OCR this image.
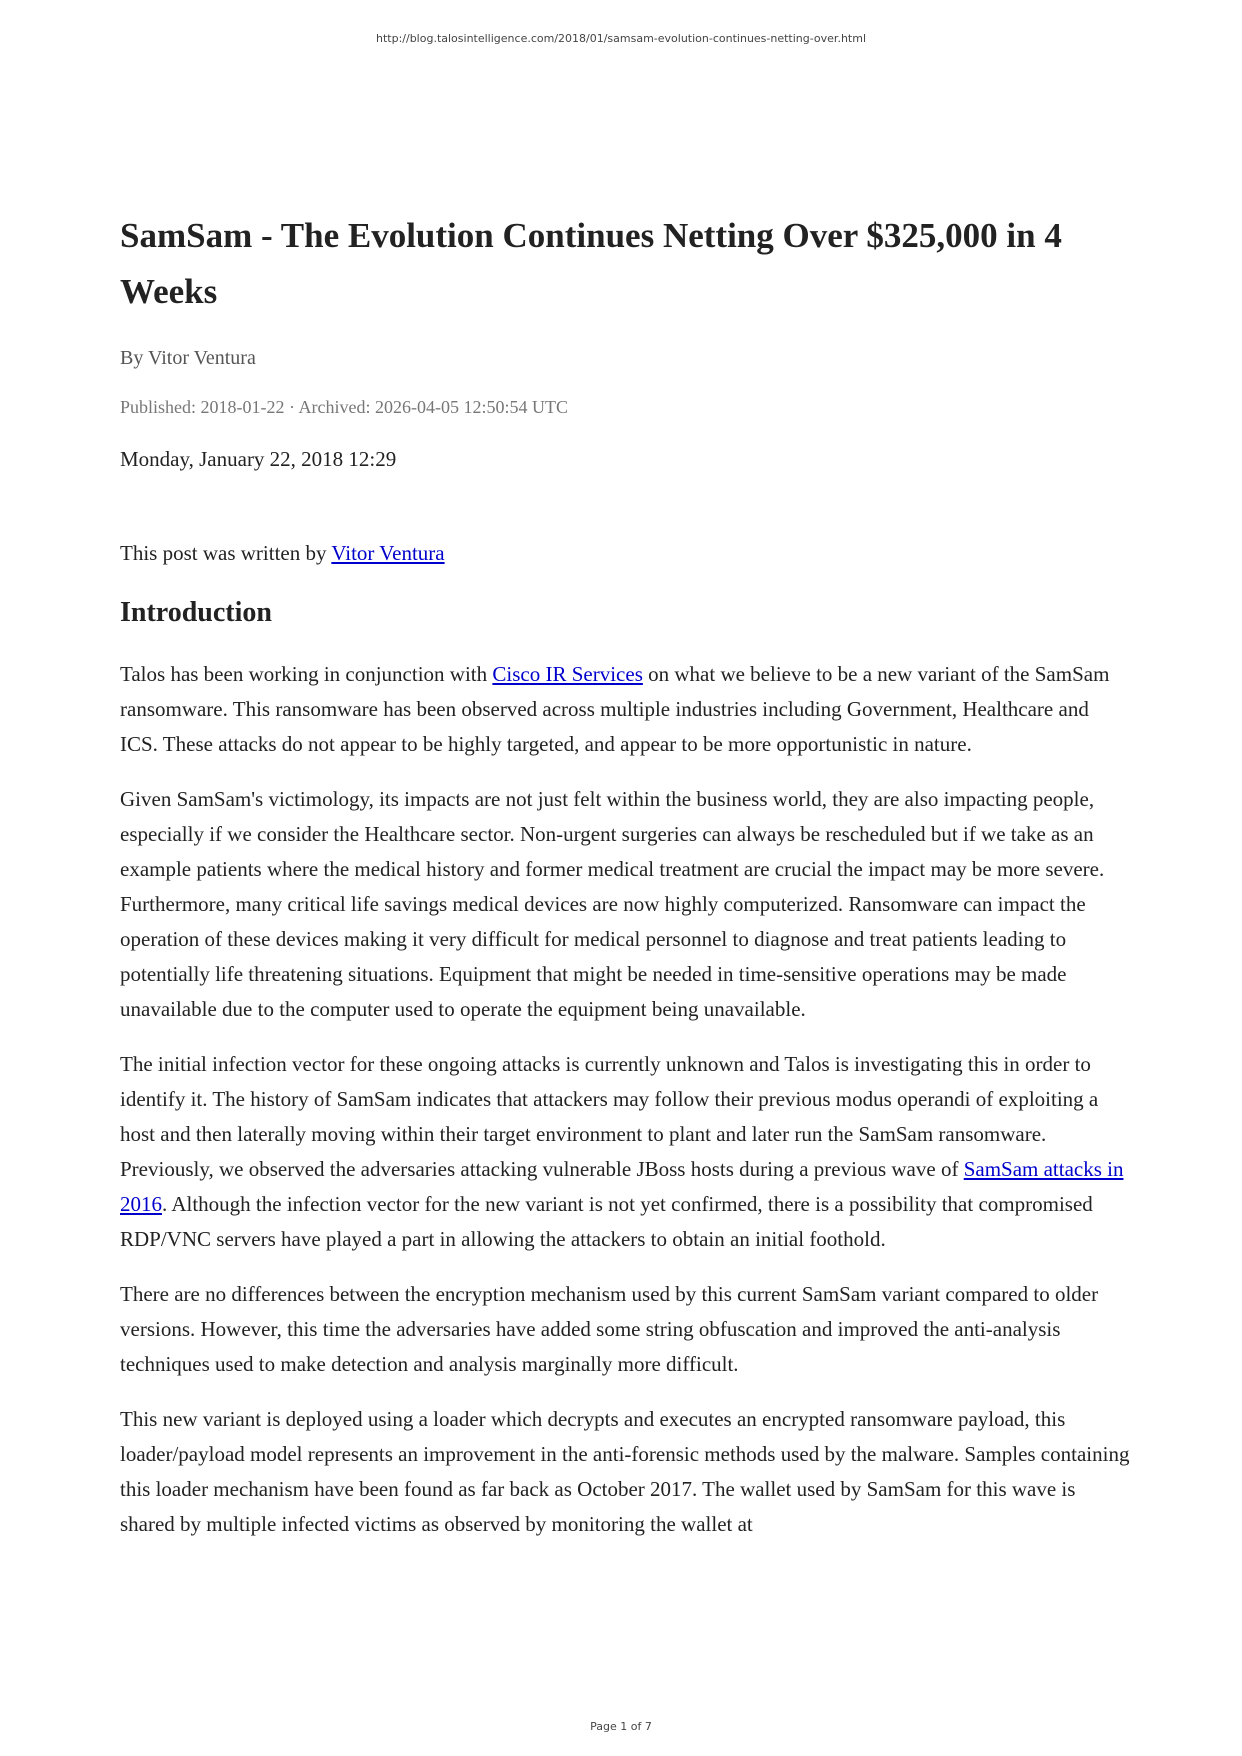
http://blog.talosintelligence.com/2018/01/samsam-evolution-continues-netting-over.html
SamSam - The Evolution Continues Netting Over $325,000 in 4 Weeks
By Vitor Ventura
Published: 2018-01-22 · Archived: 2026-04-05 12:50:54 UTC
Monday, January 22, 2018 12:29

This post was written by Vitor Ventura

Introduction

Talos has been working in conjunction with Cisco IR Services on what we believe to be a new variant of the SamSam ransomware. This ransomware has been observed across multiple industries including Government, Healthcare and ICS. These attacks do not appear to be highly targeted, and appear to be more opportunistic in nature.

Given SamSam's victimology, its impacts are not just felt within the business world, they are also impacting people, especially if we consider the Healthcare sector. Non-urgent surgeries can always be rescheduled but if we take as an example patients where the medical history and former medical treatment are crucial the impact may be more severe. Furthermore, many critical life savings medical devices are now highly computerized. Ransomware can impact the operation of these devices making it very difficult for medical personnel to diagnose and treat patients leading to potentially life threatening situations. Equipment that might be needed in time-sensitive operations may be made unavailable due to the computer used to operate the equipment being unavailable.

The initial infection vector for these ongoing attacks is currently unknown and Talos is investigating this in order to identify it. The history of SamSam indicates that attackers may follow their previous modus operandi of exploiting a host and then laterally moving within their target environment to plant and later run the SamSam ransomware. Previously, we observed the adversaries attacking vulnerable JBoss hosts during a previous wave of SamSam attacks in 2016. Although the infection vector for the new variant is not yet confirmed, there is a possibility that compromised RDP/VNC servers have played a part in allowing the attackers to obtain an initial foothold.

There are no differences between the encryption mechanism used by this current SamSam variant compared to older versions. However, this time the adversaries have added some string obfuscation and improved the anti-analysis techniques used to make detection and analysis marginally more difficult.

This new variant is deployed using a loader which decrypts and executes an encrypted ransomware payload, this loader/payload model represents an improvement in the anti-forensic methods used by the malware. Samples containing this loader mechanism have been found as far back as October 2017. The wallet used by SamSam for this wave is shared by multiple infected victims as observed by monitoring the wallet at

Page 1 of 7
